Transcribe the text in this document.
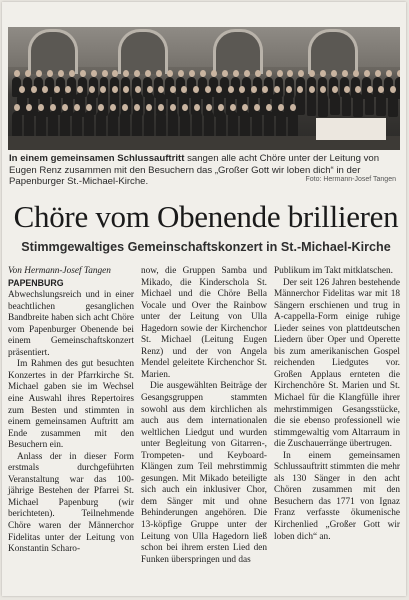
In einem gemeinsamen Schlussauftritt sangen alle acht Chöre unter der Leitung von Eugen Renz zusammen mit den Besuchern das „Großer Gott wir loben dich“ in der Papenburger St.-Michael-Kirche.	Foto: Hermann-Josef Tangen
Chöre vom Obenende brillieren
Stimmgewaltiges Gemeinschaftskonzert in St.-Michael-Kirche

Von Hermann-Josef Tangen

PAPENBURG Abwechslungsreich und in einer beachtlichen gesanglichen Bandbreite haben sich acht Chöre vom Papenburger Obenende bei einem Gemeinschaftskonzert präsentiert.

Im Rahmen des gut besuchten Konzertes in der Pfarrkirche St. Michael gaben sie im Wechsel eine Auswahl ihres Repertoires zum Besten und stimmten in einem gemeinsamen Auftritt am Ende zusammen mit den Besuchern ein.

Anlass der in dieser Form erstmals durchgeführten Veranstaltung war das 100-jährige Bestehen der Pfarrei St. Michael Papenburg (wir berichteten). Teilnehmende Chöre waren der Männerchor Fidelitas unter der Leitung von Konstantin Scharo-

now, die Gruppen Samba und Mikado, die Kinderschola St. Michael und die Chöre Bella Vocale und Over the Rainbow unter der Leitung von Ulla Hagedorn sowie der Kirchenchor St. Michael (Leitung Eugen Renz) und der von Angela Mendel geleitete Kirchenchor St. Marien.

Die ausgewählten Beiträge der Gesangsgruppen stammten sowohl aus dem kirchlichen als auch aus dem internationalen weltlichen Liedgut und wurden unter Begleitung von Gitarren-, Trompeten- und Keyboard-Klängen zum Teil mehrstimmig gesungen. Mit Mikado beteiligte sich auch ein inklusiver Chor, dem Sänger mit und ohne Behinderungen angehören. Die 13-köpfige Gruppe unter der Leitung von Ulla Hagedorn ließ schon bei ihrem ersten Lied den Funken überspringen und das

Publikum im Takt mitklatschen.

Der seit 126 Jahren bestehende Männerchor Fidelitas war mit 18 Sängern erschienen und trug in A-cappella-Form einige ruhige Lieder seines von plattdeutschen Liedern über Oper und Operette bis zum amerikanischen Gospel reichenden Liedgutes vor. Großen Applaus ernteten die Kirchenchöre St. Marien und St. Michael für die Klangfülle ihrer mehrstimmigen Gesangsstücke, die sie ebenso professionell wie stimmgewaltig vom Altarraum in die Zuschauerränge übertrugen.

In einem gemeinsamen Schlussauftritt stimmten die mehr als 130 Sänger in den acht Chören zusammen mit den Besuchern das 1771 von Ignaz Franz verfasste ökumenische Kirchenlied „Großer Gott wir loben dich“ an.
